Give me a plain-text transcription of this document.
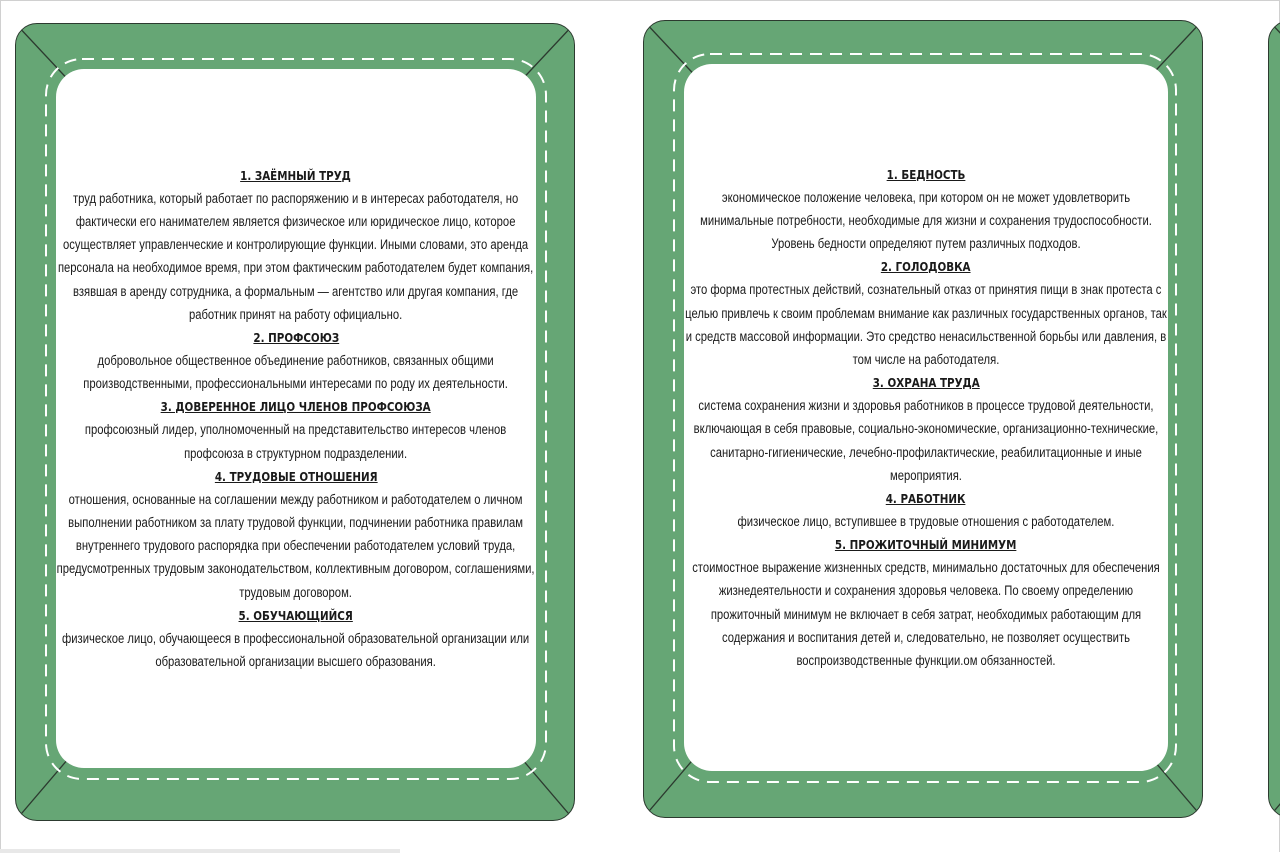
1. ЗАЁМНЫЙ ТРУД
труд работника, который работает по распоряжению и в интересах работодателя, но фактически его нанимателем является физическое или юридическое лицо, которое осуществляет управленческие и контролирующие функции. Иными словами, это аренда персонала на необходимое время, при этом фактическим работодателем будет компания, взявшая в аренду сотрудника, а формальным — агентство или другая компания, где работник принят на работу официально.
2. ПРОФСОЮЗ
добровольное общественное объединение работников, связанных общими производственными, профессиональными интересами по роду их деятельности.
3. ДОВЕРЕННОЕ ЛИЦО ЧЛЕНОВ ПРОФСОЮЗА
профсоюзный лидер, уполномоченный на представительство интересов членов профсоюза в структурном подразделении.
4. ТРУДОВЫЕ ОТНОШЕНИЯ
отношения, основанные на соглашении между работником и работодателем о личном выполнении работником за плату трудовой функции, подчинении работника правилам внутреннего трудового распорядка при обеспечении работодателем условий труда, предусмотренных трудовым законодательством, коллективным договором, соглашениями, трудовым договором.
5. ОБУЧАЮЩИЙСЯ
физическое лицо, обучающееся в профессиональной образовательной организации или образовательной организации высшего образования.
1. БЕДНОСТЬ
экономическое положение человека, при котором он не может удовлетворить минимальные потребности, необходимые для жизни и сохранения трудоспособности. Уровень бедности определяют путем различных подходов.
2. ГОЛОДОВКА
это форма протестных действий, сознательный отказ от принятия пищи в знак протеста с целью привлечь к своим проблемам внимание как различных государственных органов, так и средств массовой информации. Это средство ненасильственной борьбы или давления, в том числе на работодателя.
3. ОХРАНА ТРУДА
система сохранения жизни и здоровья работников в процессе трудовой деятельности, включающая в себя правовые, социально-экономические, организационно-технические, санитарно-гигиенические, лечебно-профилактические, реабилитационные и иные мероприятия.
4. РАБОТНИК
физическое лицо, вступившее в трудовые отношения с работодателем.
5. ПРОЖИТОЧНЫЙ МИНИМУМ
стоимостное выражение жизненных средств, минимально достаточных для обеспечения жизнедеятельности и сохранения здоровья человека. По своему определению прожиточный минимум не включает в себя затрат, необходимых работающим для содержания и воспитания детей и, следовательно, не позволяет осуществить воспроизводственные функции.ом обязанностей.
